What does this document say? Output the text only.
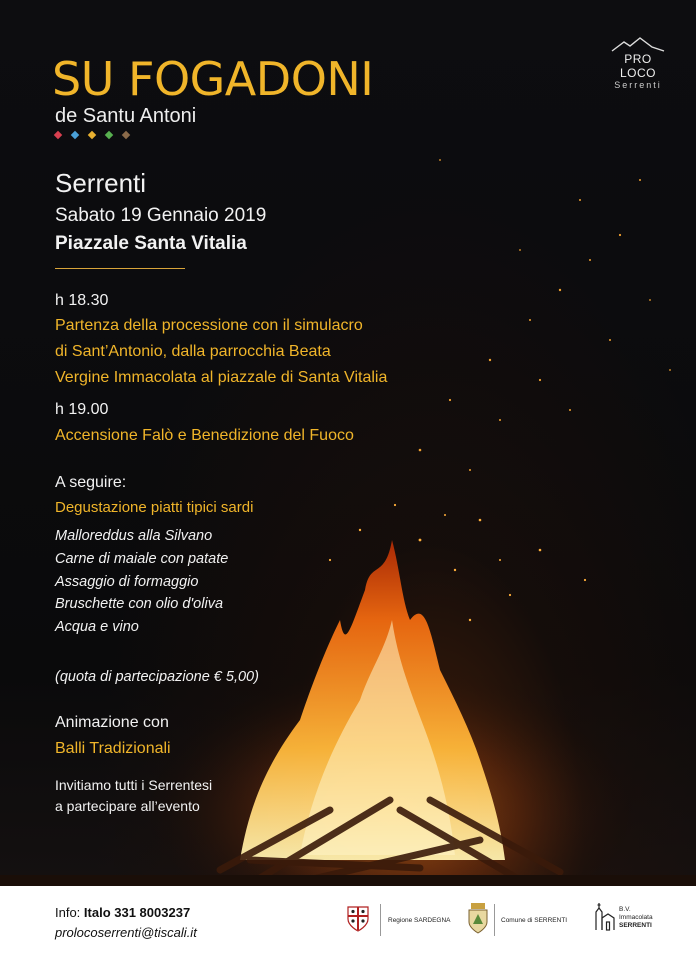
PRO LOCO
Serrenti
SU FOGADONI
de Santu Antoni
Serrenti
Sabato 19 Gennaio 2019
Piazzale Santa Vitalia
h 18.30
Partenza della processione con il simulacro
di Sant’Antonio, dalla parrocchia Beata
Vergine Immacolata al piazzale di Santa Vitalia
h 19.00
Accensione Falò e Benedizione del Fuoco
A seguire:
Degustazione piatti tipici sardi
Malloreddus alla Silvano
Carne di maiale con patate
Assaggio di formaggio
Bruschette con olio d'oliva
Acqua e vino
(quota di partecipazione € 5,00)
Animazione con
Balli Tradizionali
Invitiamo tutti i Serrentesi
a partecipare all’evento
Info: Italo 331 8003237
prolocoserrenti@tiscali.it
Regione SARDEGNA	Comune di SERRENTI
B.V.
Immacolata
SERRENTI
